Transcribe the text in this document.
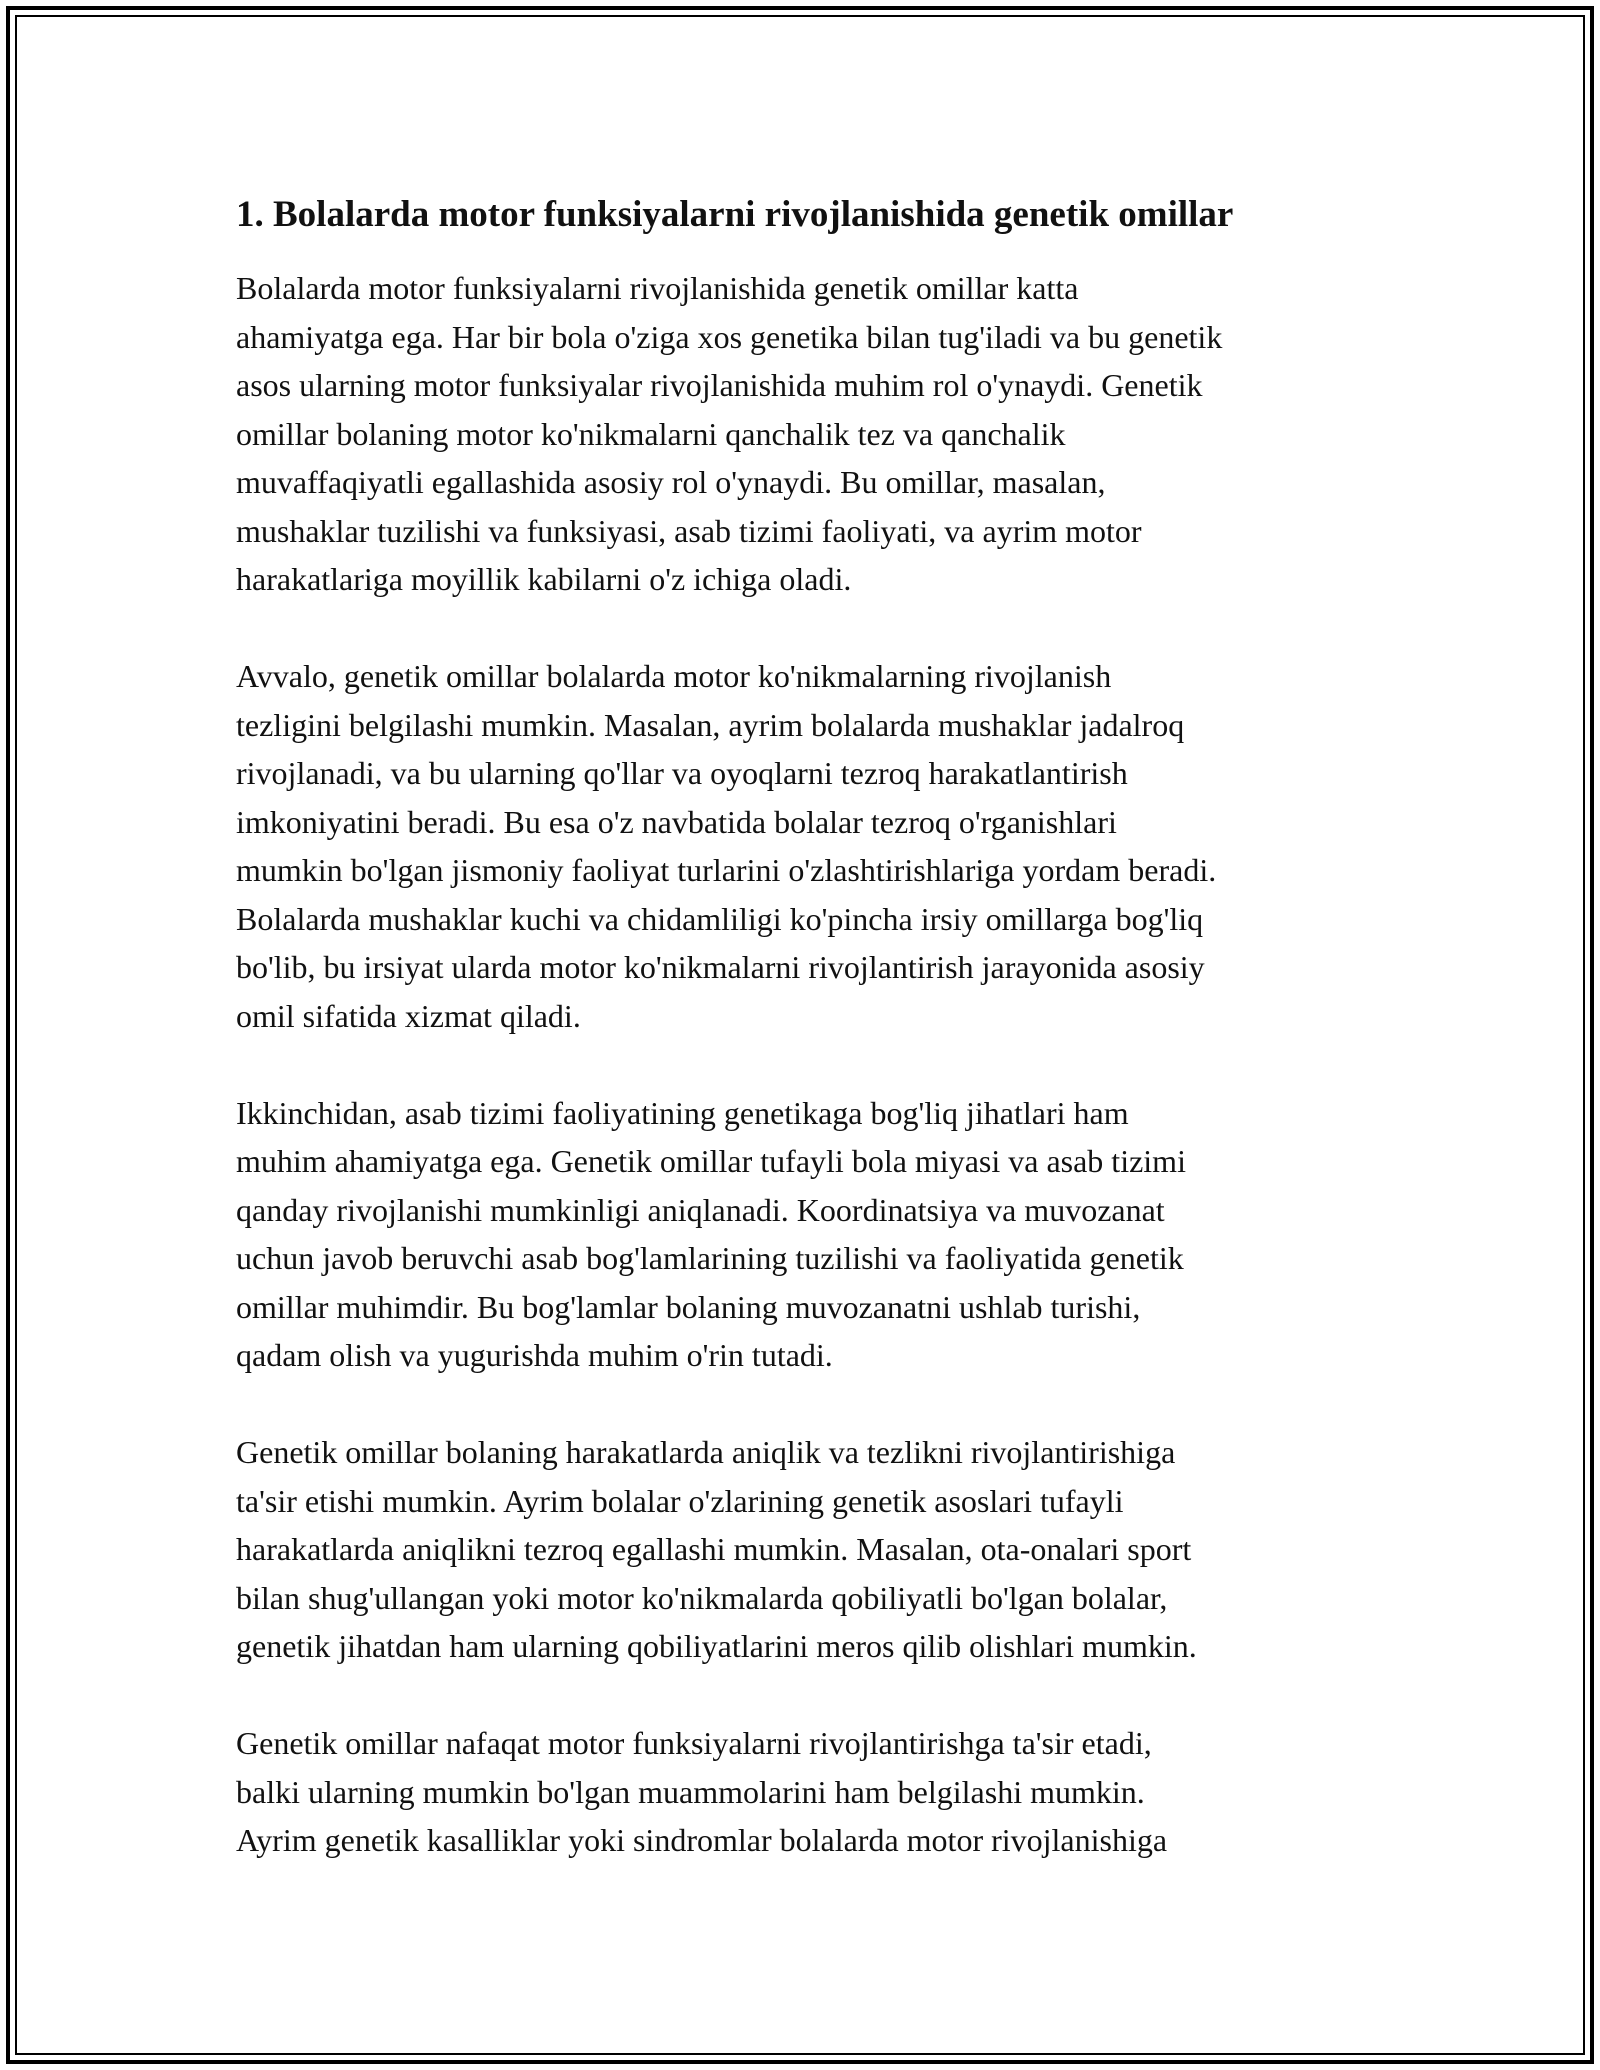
1. Bolalarda motor funksiyalarni rivojlanishida genetik omillar

Bolalarda motor funksiyalarni rivojlanishida genetik omillar katta
ahamiyatga ega. Har bir bola o'ziga xos genetika bilan tug'iladi va bu genetik
asos ularning motor funksiyalar rivojlanishida muhim rol o'ynaydi. Genetik
omillar bolaning motor ko'nikmalarni qanchalik tez va qanchalik
muvaffaqiyatli egallashida asosiy rol o'ynaydi. Bu omillar, masalan,
mushaklar tuzilishi va funksiyasi, asab tizimi faoliyati, va ayrim motor
harakatlariga moyillik kabilarni o'z ichiga oladi.

Avvalo, genetik omillar bolalarda motor ko'nikmalarning rivojlanish
tezligini belgilashi mumkin. Masalan, ayrim bolalarda mushaklar jadalroq
rivojlanadi, va bu ularning qo'llar va oyoqlarni tezroq harakatlantirish
imkoniyatini beradi. Bu esa o'z navbatida bolalar tezroq o'rganishlari
mumkin bo'lgan jismoniy faoliyat turlarini o'zlashtirishlariga yordam beradi.
Bolalarda mushaklar kuchi va chidamliligi ko'pincha irsiy omillarga bog'liq
bo'lib, bu irsiyat ularda motor ko'nikmalarni rivojlantirish jarayonida asosiy
omil sifatida xizmat qiladi.

Ikkinchidan, asab tizimi faoliyatining genetikaga bog'liq jihatlari ham
muhim ahamiyatga ega. Genetik omillar tufayli bola miyasi va asab tizimi
qanday rivojlanishi mumkinligi aniqlanadi. Koordinatsiya va muvozanat
uchun javob beruvchi asab bog'lamlarining tuzilishi va faoliyatida genetik
omillar muhimdir. Bu bog'lamlar bolaning muvozanatni ushlab turishi,
qadam olish va yugurishda muhim o'rin tutadi.

Genetik omillar bolaning harakatlarda aniqlik va tezlikni rivojlantirishiga
ta'sir etishi mumkin. Ayrim bolalar o'zlarining genetik asoslari tufayli
harakatlarda aniqlikni tezroq egallashi mumkin. Masalan, ota-onalari sport
bilan shug'ullangan yoki motor ko'nikmalarda qobiliyatli bo'lgan bolalar,
genetik jihatdan ham ularning qobiliyatlarini meros qilib olishlari mumkin.

Genetik omillar nafaqat motor funksiyalarni rivojlantirishga ta'sir etadi,
balki ularning mumkin bo'lgan muammolarini ham belgilashi mumkin.
Ayrim genetik kasalliklar yoki sindromlar bolalarda motor rivojlanishiga
